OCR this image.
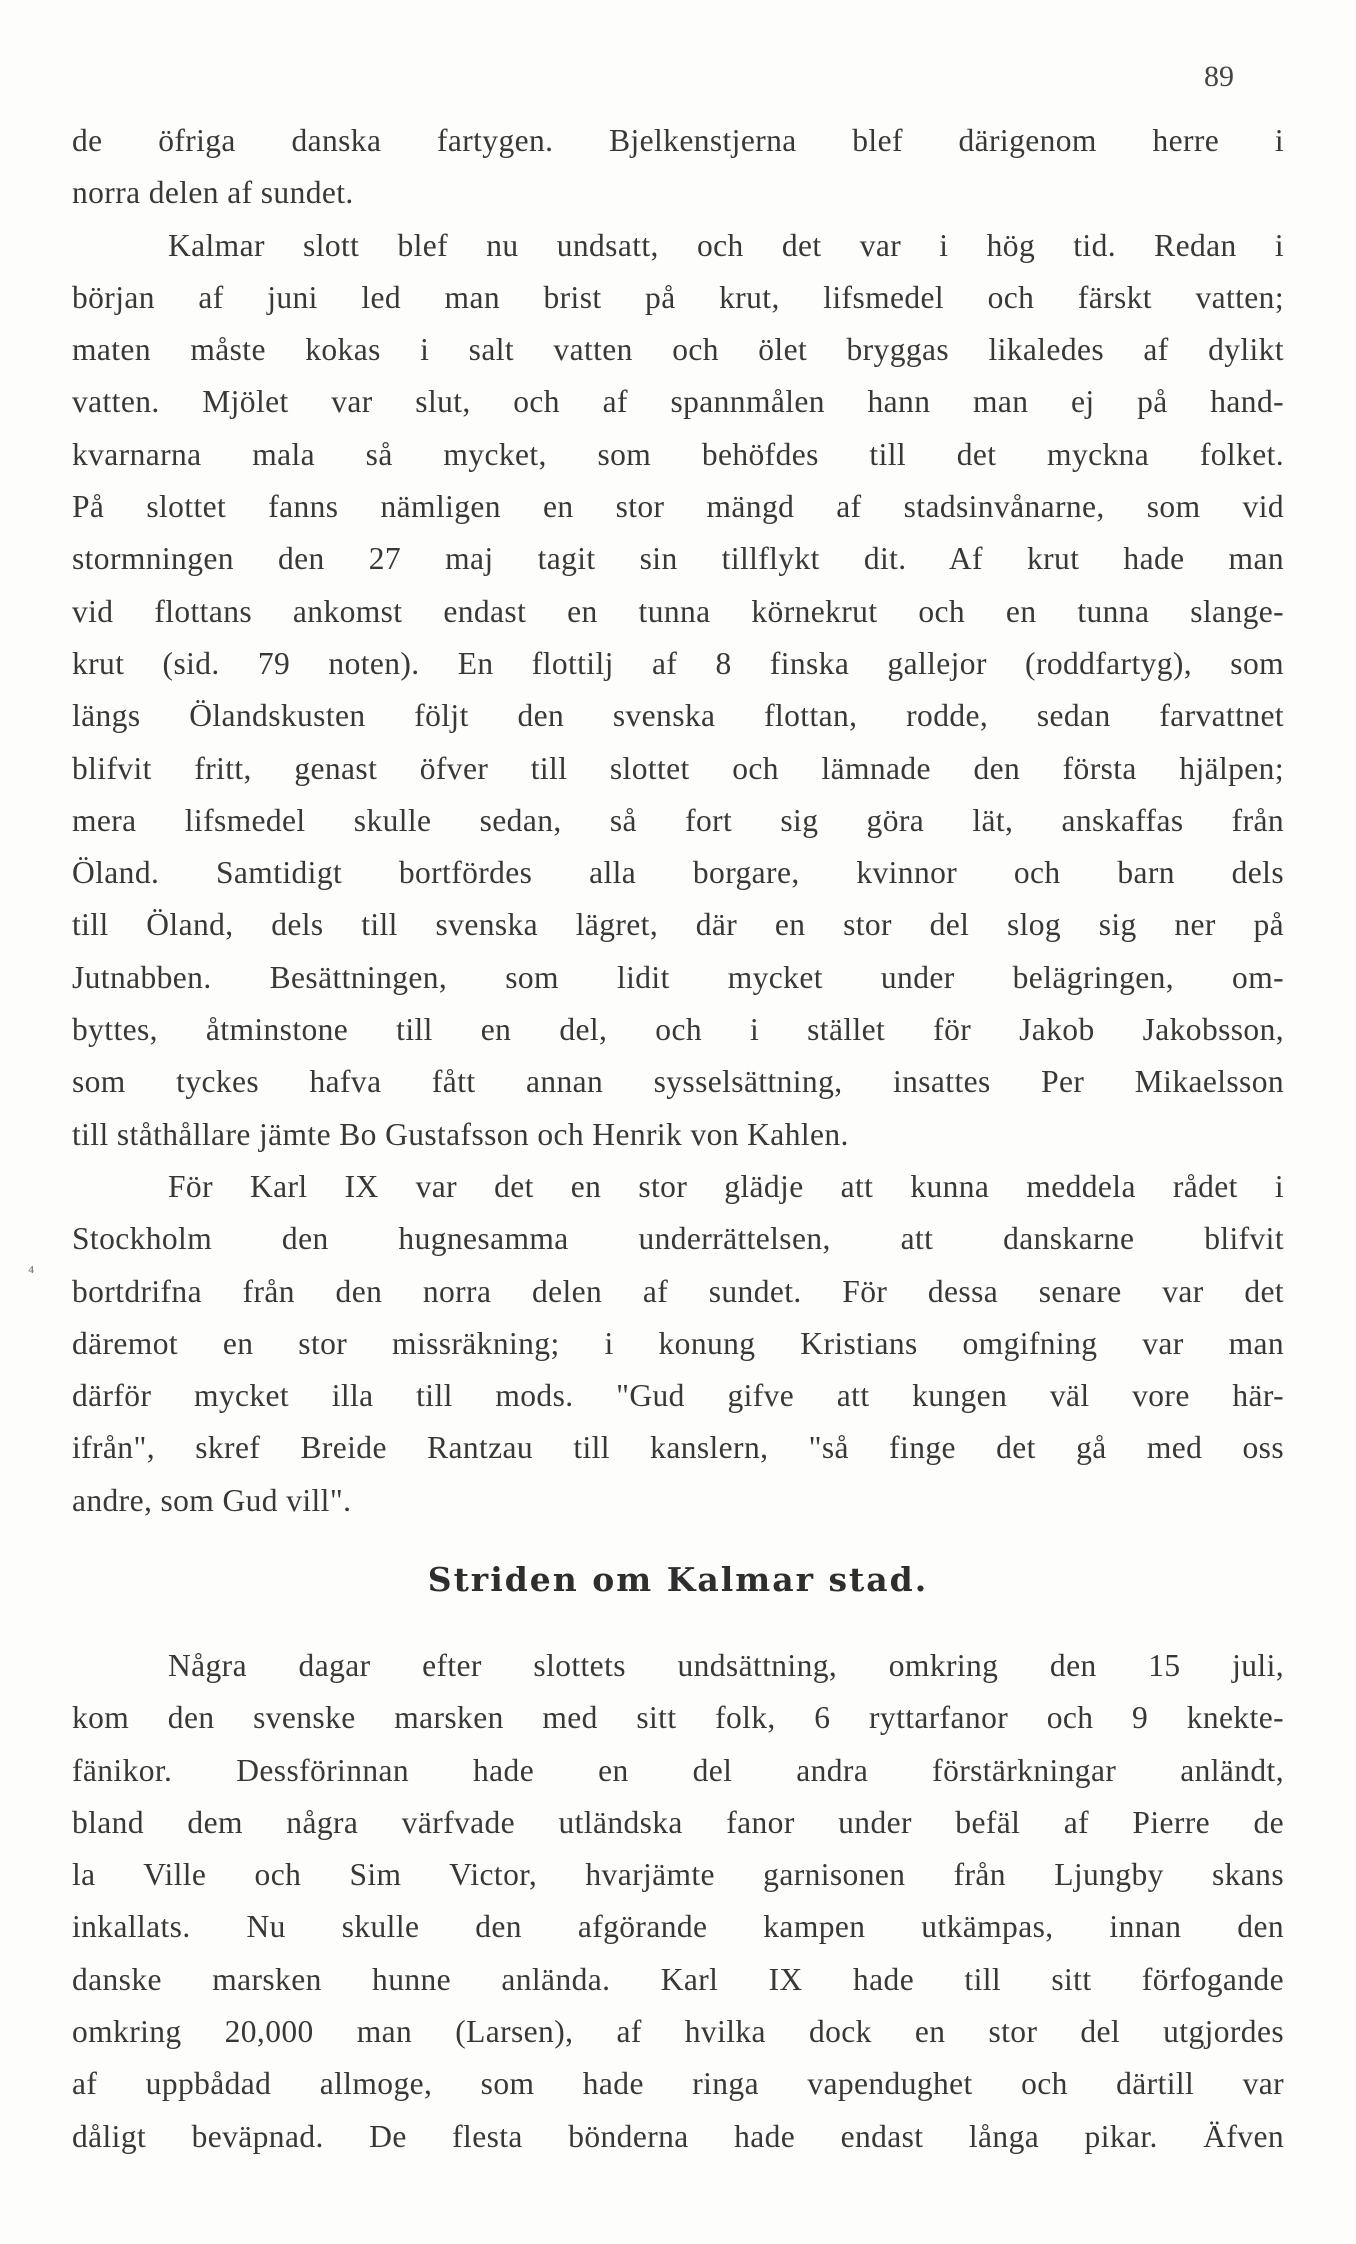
89
⁴
de öfriga danska fartygen. Bjelkenstjerna blef därigenom herre i
norra delen af sundet.
Kalmar slott blef nu undsatt, och det var i hög tid. Redan i
början af juni led man brist på krut, lifsmedel och färskt vatten;
maten måste kokas i salt vatten och ölet bryggas likaledes af dylikt
vatten. Mjölet var slut, och af spannmålen hann man ej på hand-
kvarnarna mala så mycket, som behöfdes till det myckna folket.
På slottet fanns nämligen en stor mängd af stadsinvånarne, som vid
stormningen den 27 maj tagit sin tillflykt dit. Af krut hade man
vid flottans ankomst endast en tunna körnekrut och en tunna slange-
krut (sid. 79 noten). En flottilj af 8 finska gallejor (roddfartyg), som
längs Ölandskusten följt den svenska flottan, rodde, sedan farvattnet
blifvit fritt, genast öfver till slottet och lämnade den första hjälpen;
mera lifsmedel skulle sedan, så fort sig göra lät, anskaffas från
Öland. Samtidigt bortfördes alla borgare, kvinnor och barn dels
till Öland, dels till svenska lägret, där en stor del slog sig ner på
Jutnabben. Besättningen, som lidit mycket under belägringen, om-
byttes, åtminstone till en del, och i stället för Jakob Jakobsson,
som tyckes hafva fått annan sysselsättning, insattes Per Mikaelsson
till ståthållare jämte Bo Gustafsson och Henrik von Kahlen.
För Karl IX var det en stor glädje att kunna meddela rådet i
Stockholm den hugnesamma underrättelsen, att danskarne blifvit
bortdrifna från den norra delen af sundet. För dessa senare var det
däremot en stor missräkning; i konung Kristians omgifning var man
därför mycket illa till mods. "Gud gifve att kungen väl vore här-
ifrån", skref Breide Rantzau till kanslern, "så finge det gå med oss
andre, som Gud vill".
Striden om Kalmar stad.
Några dagar efter slottets undsättning, omkring den 15 juli,
kom den svenske marsken med sitt folk, 6 ryttarfanor och 9 knekte-
fänikor. Dessförinnan hade en del andra förstärkningar anländt,
bland dem några värfvade utländska fanor under befäl af Pierre de
la Ville och Sim Victor, hvarjämte garnisonen från Ljungby skans
inkallats. Nu skulle den afgörande kampen utkämpas, innan den
danske marsken hunne anlända. Karl IX hade till sitt förfogande
omkring 20,000 man (Larsen), af hvilka dock en stor del utgjordes
af uppbådad allmoge, som hade ringa vapendughet och därtill var
dåligt beväpnad. De flesta bönderna hade endast långa pikar. Äfven
